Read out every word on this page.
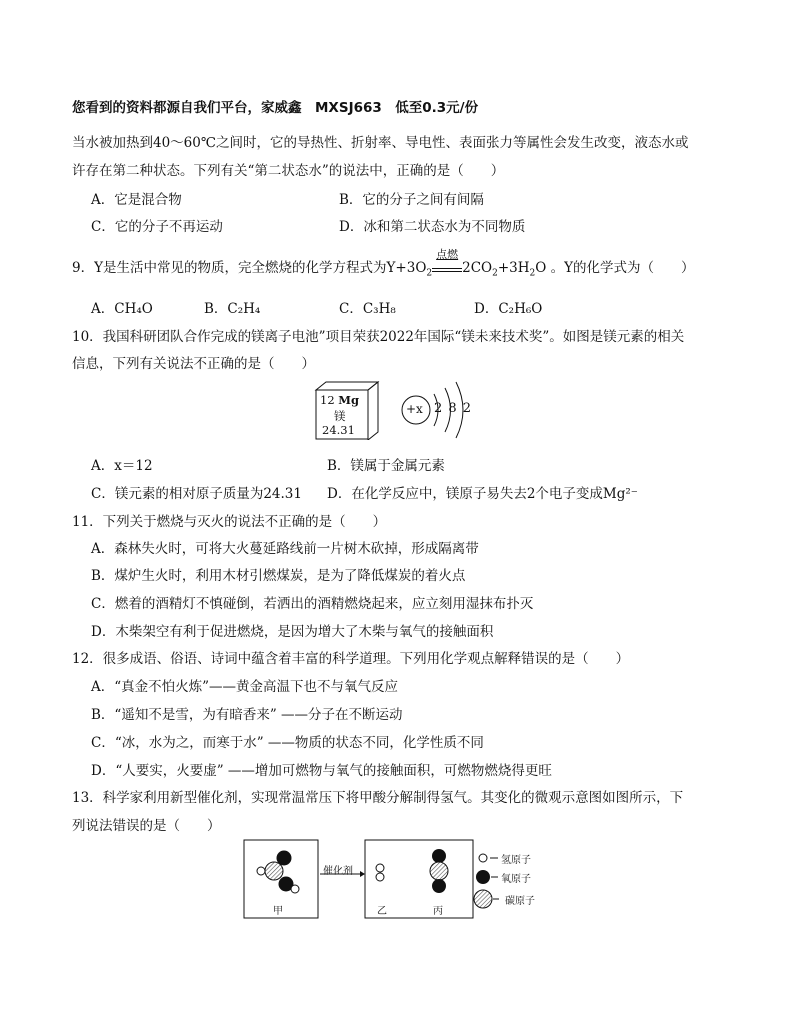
您看到的资料都源自我们平台，家威鑫　MXSJ663　低至0.3元/份
当水被加热到40～60℃之间时，它的导热性、折射率、导电性、表面张力等属性会发生改变，液态水或
许存在第二种状态。下列有关“第二状态水”的说法中，正确的是（　　）
A．它是混合物	B．它的分子之间有间隔
C．它的分子不再运动	D．冰和第二状态水为不同物质
9．Y是生活中常见的物质，完全燃烧的化学方程式为$Y+3O_2$
点燃
$2CO_2+3H_2O$ 。Y的化学式为（　　）
A．CH₄O	B．C₂H₄	C．C₃H₈	D．C₂H₆O
10．我国科研团队合作完成的镁离子电池”项目荣获2022年国际“镁未来技术奖”。如图是镁元素的相关
信息，下列有关说法不正确的是（　　）
12 Mg
镁
24.31
+x 2 8 2
A．x＝12	B．镁属于金属元素
C．镁元素的相对原子质量为24.31 D．在化学反应中，镁原子易失去2个电子变成Mg²⁻
11．下列关于燃烧与灭火的说法不正确的是（　　）
A．森林失火时，可将大火蔓延路线前一片树木砍掉，形成隔离带
B．煤炉生火时，利用木材引燃煤炭，是为了降低煤炭的着火点
C．燃着的酒精灯不慎碰倒，若洒出的酒精燃烧起来，应立刻用湿抹布扑灭
D．木柴架空有利于促进燃烧，是因为增大了木柴与氧气的接触面积
12．很多成语、俗语、诗词中蕴含着丰富的科学道理。下列用化学观点解释错误的是（　　）
A．“真金不怕火炼”——黄金高温下也不与氧气反应
B．“遥知不是雪，为有暗香来” ——分子在不断运动
C．“冰，水为之，而寒于水” ——物质的状态不同，化学性质不同
D．“人要实，火要虚” ——增加可燃物与氧气的接触面积，可燃物燃烧得更旺
13．科学家利用新型催化剂，实现常温常压下将甲酸分解制得氢气。其变化的微观示意图如图所示，下
列说法错误的是（　　）
催化剂
甲	乙	丙
氢原子
氧原子
碳原子
